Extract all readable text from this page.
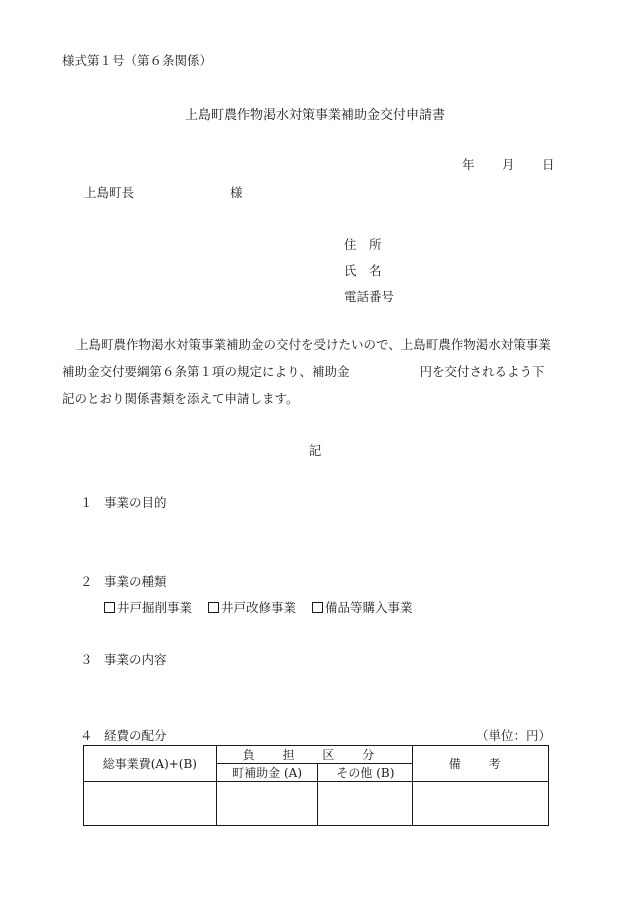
様式第１号（第６条関係）
上島町農作物渇水対策事業補助金交付申請書
年 月 日
上島町長	様
住　所
氏　名
電話番号
上島町農作物渇水対策事業補助金の交付を受けたいので、上島町農作物渇水対策事業補助金交付要綱第６条第１項の規定により、補助金	円を交付されるよう下記のとおり関係書類を添えて申請します。
記
１ 事業の目的
２ 事業の種類
井戸掘削事業 井戸改修事業 備品等購入事業
３ 事業の内容
４ 経費の配分	（単位：円）
総事業費(A)+(B)	負 担 区 分		備 考
	町補助金 (A)	その他 (B)	
